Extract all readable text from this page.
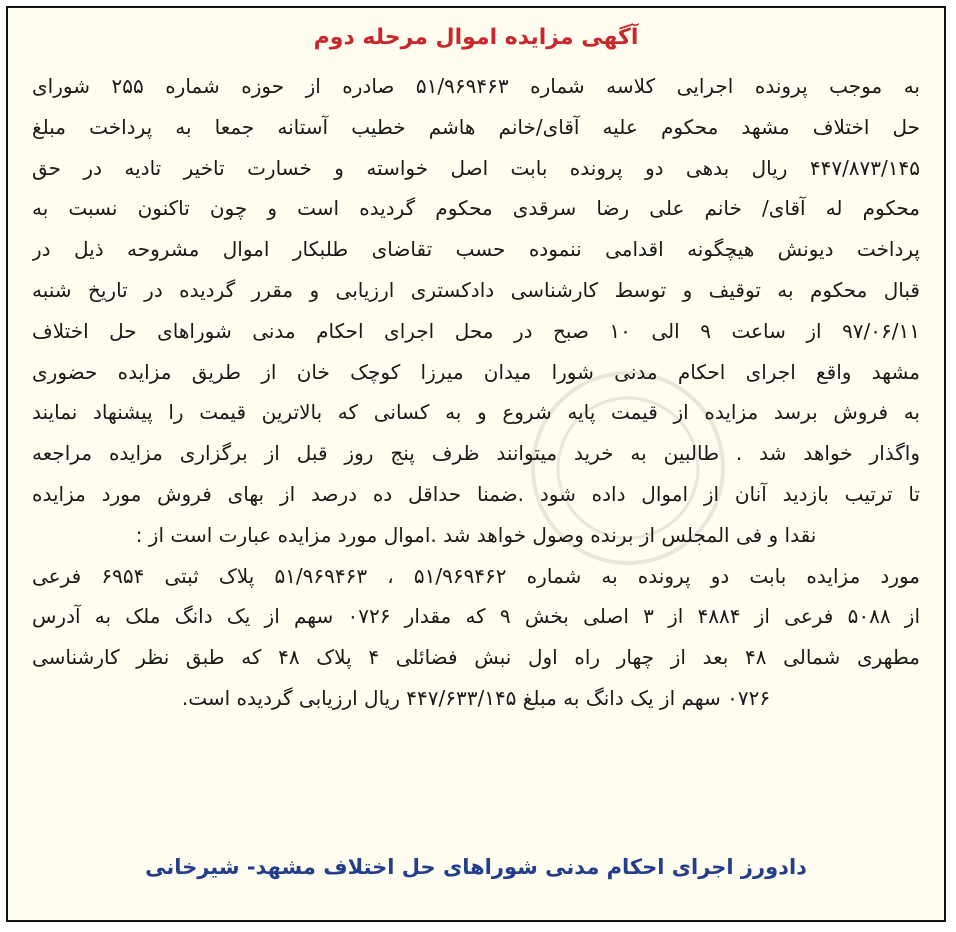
آگهی مزایده اموال مرحله دوم
به موجب پرونده اجرایی کلاسه شماره ۵۱/۹۶۹۴۶۳ صادره از حوزه شماره ۲۵۵ شورای
حل اختلاف مشهد محکوم علیه آقای/خانم هاشم خطیب آستانه جمعا به پرداخت مبلغ
۴۴۷/۸۷۳/۱۴۵ ریال بدهی دو پرونده بابت اصل خواسته و خسارت تاخیر تادیه در حق
محکوم له آقای/ خانم علی رضا سرقدی محکوم گردیده است و چون تاکنون نسبت به
پرداخت دیونش هیچگونه اقدامی ننموده حسب تقاضای طلبکار اموال مشروحه ذیل در
قبال محکوم به توقیف و توسط کارشناسی دادکستری ارزیابی و مقرر گردیده در تاریخ شنبه
۹۷/۰۶/۱۱ از ساعت ۹ الی ۱۰ صبح در محل اجرای احکام مدنی شوراهای حل اختلاف
مشهد واقع اجرای احکام مدنی شورا میدان میرزا کوچک خان از طریق مزایده حضوری
به فروش برسد مزایده از قیمت پایه شروع و به کسانی که بالاترین قیمت را پیشنهاد نمایند
واگذار خواهد شد . طالبین به خرید میتوانند ظرف پنج روز قبل از برگزاری مزایده مراجعه
تا ترتیب بازدید آنان از اموال داده شود .ضمنا حداقل ده درصد از بهای فروش مورد مزایده
نقدا و فی المجلس از برنده وصول خواهد شد .اموال مورد مزایده عبارت است از :
مورد مزایده بابت دو پرونده به شماره ۵۱/۹۶۹۴۶۲ ، ۵۱/۹۶۹۴۶۳ پلاک ثبتی ۶۹۵۴ فرعی
از ۵۰۸۸ فرعی از ۴۸۸۴ از ۳ اصلی بخش ۹ که مقدار ۰۷۲۶ سهم از یک دانگ ملک به آدرس
مطهری شمالی ۴۸ بعد از چهار راه اول نبش فضائلی ۴ پلاک ۴۸ که طبق نظر کارشناسی
۰۷۲۶ سهم از یک دانگ به مبلغ ۴۴۷/۶۳۳/۱۴۵ ریال ارزیابی گردیده است.
دادورز اجرای احکام مدنی شوراهای حل اختلاف مشهد- شیرخانی
